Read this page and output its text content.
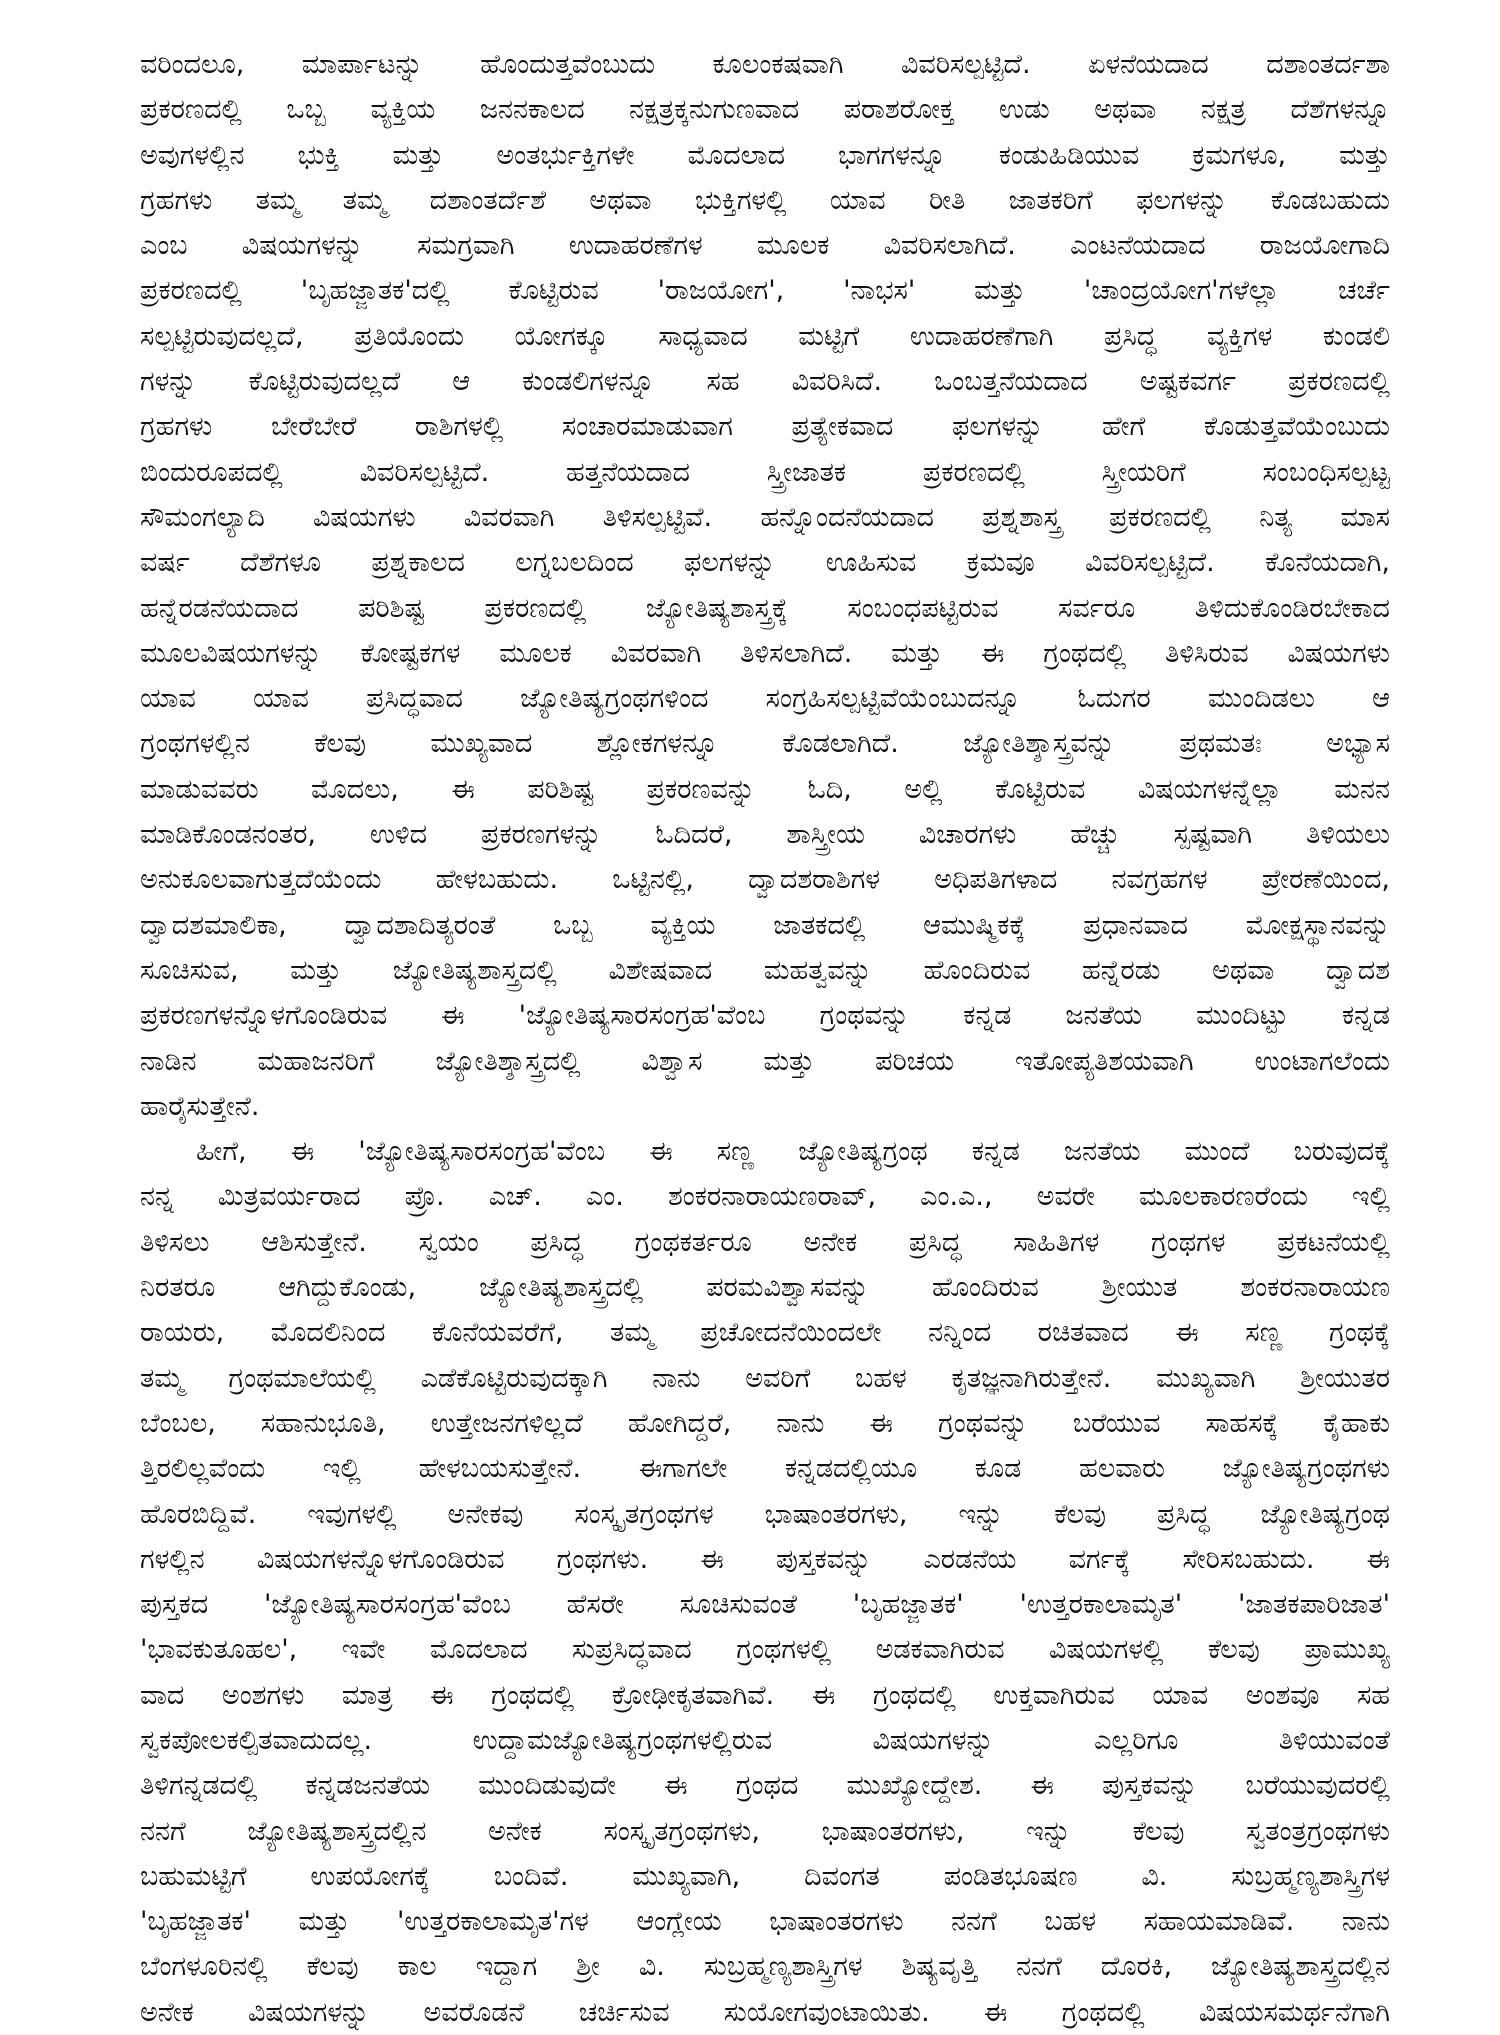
ವರಿಂದಲೂ, ಮಾರ್ಪಾಟನ್ನು ಹೊಂದುತ್ತವೆಂಬುದು ಕೂಲಂಕಷವಾಗಿ ವಿವರಿಸಲ್ಪಟ್ಟಿದೆ. ಏಳನೆಯದಾದ ದಶಾಂತರ್ದಶಾ
ಪ್ರಕರಣದಲ್ಲಿ ಒಬ್ಬ ವ್ಯಕ್ತಿಯ ಜನನಕಾಲದ ನಕ್ಷತ್ರಕ್ಕನುಗುಣವಾದ ಪರಾಶರೋಕ್ತ ಉಡು ಅಥವಾ ನಕ್ಷತ್ರ ದೆಶೆಗಳನ್ನೂ
ಅವುಗಳಲ್ಲಿನ ಭುಕ್ತಿ ಮತ್ತು ಅಂತರ್ಭುಕ್ತಿಗಳೇ ಮೊದಲಾದ ಭಾಗಗಳನ್ನೂ ಕಂಡುಹಿಡಿಯುವ ಕ್ರಮಗಳೂ, ಮತ್ತು
ಗ್ರಹಗಳು ತಮ್ಮ ತಮ್ಮ ದಶಾಂತರ್ದೆಶೆ ಅಥವಾ ಭುಕ್ತಿಗಳಲ್ಲಿ ಯಾವ ರೀತಿ ಜಾತಕರಿಗೆ ಫಲಗಳನ್ನು ಕೊಡಬಹುದು
ಎಂಬ ವಿಷಯಗಳನ್ನು ಸಮಗ್ರವಾಗಿ ಉದಾಹರಣೆಗಳ ಮೂಲಕ ವಿವರಿಸಲಾಗಿದೆ. ಎಂಟನೆಯದಾದ ರಾಜಯೋಗಾದಿ
ಪ್ರಕರಣದಲ್ಲಿ 'ಬೃಹಜ್ಜಾತಕ'ದಲ್ಲಿ ಕೊಟ್ಟಿರುವ 'ರಾಜಯೋಗ', 'ನಾಭಸ' ಮತ್ತು 'ಚಾಂದ್ರಯೋಗ'ಗಳೆಲ್ಲಾ ಚರ್ಚೆ
ಸಲ್ಪಟ್ಟಿರುವುದಲ್ಲದೆ, ಪ್ರತಿಯೊಂದು ಯೋಗಕ್ಕೂ ಸಾಧ್ಯವಾದ ಮಟ್ಟಿಗೆ ಉದಾಹರಣೆಗಾಗಿ ಪ್ರಸಿದ್ಧ ವ್ಯಕ್ತಿಗಳ ಕುಂಡಲಿ
ಗಳನ್ನು ಕೊಟ್ಟಿರುವುದಲ್ಲದೆ ಆ ಕುಂಡಲಿಗಳನ್ನೂ ಸಹ ವಿವರಿಸಿದೆ. ಒಂಬತ್ತನೆಯದಾದ ಅಷ್ಟಕವರ್ಗ ಪ್ರಕರಣದಲ್ಲಿ
ಗ್ರಹಗಳು ಬೇರೆಬೇರೆ ರಾಶಿಗಳಲ್ಲಿ ಸಂಚಾರಮಾಡುವಾಗ ಪ್ರತ್ಯೇಕವಾದ ಫಲಗಳನ್ನು ಹೇಗೆ ಕೊಡುತ್ತವೆಯೆಂಬುದು
ಬಿಂದುರೂಪದಲ್ಲಿ ವಿವರಿಸಲ್ಪಟ್ಟಿದೆ. ಹತ್ತನೆಯದಾದ ಸ್ತ್ರೀಜಾತಕ ಪ್ರಕರಣದಲ್ಲಿ ಸ್ತ್ರೀಯರಿಗೆ ಸಂಬಂಧಿಸಲ್ಪಟ್ಟ
ಸೌಮಂಗಲ್ಯಾದಿ ವಿಷಯಗಳು ವಿವರವಾಗಿ ತಿಳಿಸಲ್ಪಟ್ಟಿವೆ. ಹನ್ನೊಂದನೆಯದಾದ ಪ್ರಶ್ನಶಾಸ್ತ್ರ ಪ್ರಕರಣದಲ್ಲಿ ನಿತ್ಯ ಮಾಸ
ವರ್ಷ ದೆಶೆಗಳೂ ಪ್ರಶ್ನಕಾಲದ ಲಗ್ನಬಲದಿಂದ ಫಲಗಳನ್ನು ಊಹಿಸುವ ಕ್ರಮವೂ ವಿವರಿಸಲ್ಪಟ್ಟಿದೆ. ಕೊನೆಯದಾಗಿ,
ಹನ್ನೆರಡನೆಯದಾದ ಪರಿಶಿಷ್ಟ ಪ್ರಕರಣದಲ್ಲಿ ಜ್ಯೋತಿಷ್ಯಶಾಸ್ತ್ರಕ್ಕೆ ಸಂಬಂಧಪಟ್ಟಿರುವ ಸರ್ವರೂ ತಿಳಿದುಕೊಂಡಿರಬೇಕಾದ
ಮೂಲವಿಷಯಗಳನ್ನು ಕೋಷ್ಟಕಗಳ ಮೂಲಕ ವಿವರವಾಗಿ ತಿಳಿಸಲಾಗಿದೆ. ಮತ್ತು ಈ ಗ್ರಂಥದಲ್ಲಿ ತಿಳಿಸಿರುವ ವಿಷಯಗಳು
ಯಾವ ಯಾವ ಪ್ರಸಿದ್ಧವಾದ ಜ್ಯೋತಿಷ್ಯಗ್ರಂಥಗಳಿಂದ ಸಂಗ್ರಹಿಸಲ್ಪಟ್ಟಿವೆಯೆಂಬುದನ್ನೂ ಓದುಗರ ಮುಂದಿಡಲು ಆ
ಗ್ರಂಥಗಳಲ್ಲಿನ ಕೆಲವು ಮುಖ್ಯವಾದ ಶ್ಲೋಕಗಳನ್ನೂ ಕೊಡಲಾಗಿದೆ. ಜ್ಯೋತಿಶ್ಶಾಸ್ತ್ರವನ್ನು ಪ್ರಥಮತಃ ಅಭ್ಯಾಸ
ಮಾಡುವವರು ಮೊದಲು, ಈ ಪರಿಶಿಷ್ಟ ಪ್ರಕರಣವನ್ನು ಓದಿ, ಅಲ್ಲಿ ಕೊಟ್ಟಿರುವ ವಿಷಯಗಳನ್ನೆಲ್ಲಾ ಮನನ
ಮಾಡಿಕೊಂಡನಂತರ, ಉಳಿದ ಪ್ರಕರಣಗಳನ್ನು ಓದಿದರೆ, ಶಾಸ್ತ್ರೀಯ ವಿಚಾರಗಳು ಹೆಚ್ಚು ಸ್ಪಷ್ಟವಾಗಿ ತಿಳಿಯಲು
ಅನುಕೂಲವಾಗುತ್ತದೆಯೆಂದು ಹೇಳಬಹುದು. ಒಟ್ಟಿನಲ್ಲಿ, ದ್ವಾದಶರಾಶಿಗಳ ಅಧಿಪತಿಗಳಾದ ನವಗ್ರಹಗಳ ಪ್ರೇರಣೆಯಿಂದ,
ದ್ವಾದಶಮಾಲಿಕಾ, ದ್ವಾದಶಾದಿತ್ಯರಂತೆ ಒಬ್ಬ ವ್ಯಕ್ತಿಯ ಜಾತಕದಲ್ಲಿ ಆಮುಷ್ಮಿಕಕ್ಕೆ ಪ್ರಧಾನವಾದ ಮೋಕ್ಷಸ್ಥಾನವನ್ನು
ಸೂಚಿಸುವ, ಮತ್ತು ಜ್ಯೋತಿಷ್ಯಶಾಸ್ತ್ರದಲ್ಲಿ ವಿಶೇಷವಾದ ಮಹತ್ವವನ್ನು ಹೊಂದಿರುವ ಹನ್ನೆರಡು ಅಥವಾ ದ್ವಾದಶ
ಪ್ರಕರಣಗಳನ್ನೊಳಗೊಂಡಿರುವ ಈ 'ಜ್ಯೋತಿಷ್ಯಸಾರಸಂಗ್ರಹ'ವೆಂಬ ಗ್ರಂಥವನ್ನು ಕನ್ನಡ ಜನತೆಯ ಮುಂದಿಟ್ಟು ಕನ್ನಡ
ನಾಡಿನ ಮಹಾಜನರಿಗೆ ಜ್ಯೋತಿಶ್ಶಾಸ್ತ್ರದಲ್ಲಿ ವಿಶ್ವಾಸ ಮತ್ತು ಪರಿಚಯ ಇತೋಪ್ಯತಿಶಯವಾಗಿ ಉಂಟಾಗಲೆಂದು
ಹಾರೈಸುತ್ತೇನೆ.
ಹೀಗೆ, ಈ 'ಜ್ಯೋತಿಷ್ಯಸಾರಸಂಗ್ರಹ'ವೆಂಬ ಈ ಸಣ್ಣ ಜ್ಯೋತಿಷ್ಯಗ್ರಂಥ ಕನ್ನಡ ಜನತೆಯ ಮುಂದೆ ಬರುವುದಕ್ಕೆ
ನನ್ನ ಮಿತ್ರವರ್ಯರಾದ ಪ್ರೊ. ಎಚ್. ಎಂ. ಶಂಕರನಾರಾಯಣರಾವ್, ಎಂ.ಎ., ಅವರೇ ಮೂಲಕಾರಣರೆಂದು ಇಲ್ಲಿ
ತಿಳಿಸಲು ಆಶಿಸುತ್ತೇನೆ. ಸ್ವಯಂ ಪ್ರಸಿದ್ಧ ಗ್ರಂಥಕರ್ತರೂ ಅನೇಕ ಪ್ರಸಿದ್ಧ ಸಾಹಿತಿಗಳ ಗ್ರಂಥಗಳ ಪ್ರಕಟನೆಯಲ್ಲಿ
ನಿರತರೂ ಆಗಿದ್ದುಕೊಂಡು, ಜ್ಯೋತಿಷ್ಯಶಾಸ್ತ್ರದಲ್ಲಿ ಪರಮವಿಶ್ವಾಸವನ್ನು ಹೊಂದಿರುವ ಶ್ರೀಯುತ ಶಂಕರನಾರಾಯಣ
ರಾಯರು, ಮೊದಲಿನಿಂದ ಕೊನೆಯವರೆಗೆ, ತಮ್ಮ ಪ್ರಚೋದನೆಯಿಂದಲೇ ನನ್ನಿಂದ ರಚಿತವಾದ ಈ ಸಣ್ಣ ಗ್ರಂಥಕ್ಕೆ
ತಮ್ಮ ಗ್ರಂಥಮಾಲೆಯಲ್ಲಿ ಎಡೆಕೊಟ್ಟಿರುವುದಕ್ಕಾಗಿ ನಾನು ಅವರಿಗೆ ಬಹಳ ಕೃತಜ್ಞನಾಗಿರುತ್ತೇನೆ. ಮುಖ್ಯವಾಗಿ ಶ್ರೀಯುತರ
ಬೆಂಬಲ, ಸಹಾನುಭೂತಿ, ಉತ್ತೇಜನಗಳಿಲ್ಲದೆ ಹೋಗಿದ್ದರೆ, ನಾನು ಈ ಗ್ರಂಥವನ್ನು ಬರೆಯುವ ಸಾಹಸಕ್ಕೆ ಕೈಹಾಕು
ತ್ತಿರಲಿಲ್ಲವೆಂದು ಇಲ್ಲಿ ಹೇಳಬಯಸುತ್ತೇನೆ. ಈಗಾಗಲೇ ಕನ್ನಡದಲ್ಲಿಯೂ ಕೂಡ ಹಲವಾರು ಜ್ಯೋತಿಷ್ಯಗ್ರಂಥಗಳು
ಹೊರಬಿದ್ದಿವೆ. ಇವುಗಳಲ್ಲಿ ಅನೇಕವು ಸಂಸ್ಕೃತಗ್ರಂಥಗಳ ಭಾಷಾಂತರಗಳು, ಇನ್ನು ಕೆಲವು ಪ್ರಸಿದ್ಧ ಜ್ಯೋತಿಷ್ಯಗ್ರಂಥ
ಗಳಲ್ಲಿನ ವಿಷಯಗಳನ್ನೊಳಗೊಂಡಿರುವ ಗ್ರಂಥಗಳು. ಈ ಪುಸ್ತಕವನ್ನು ಎರಡನೆಯ ವರ್ಗಕ್ಕೆ ಸೇರಿಸಬಹುದು. ಈ
ಪುಸ್ತಕದ 'ಜ್ಯೋತಿಷ್ಯಸಾರಸಂಗ್ರಹ'ವೆಂಬ ಹೆಸರೇ ಸೂಚಿಸುವಂತೆ 'ಬೃಹಜ್ಜಾತಕ' 'ಉತ್ತರಕಾಲಾಮೃತ' 'ಜಾತಕಪಾರಿಜಾತ'
'ಭಾವಕುತೂಹಲ', ಇವೇ ಮೊದಲಾದ ಸುಪ್ರಸಿದ್ಧವಾದ ಗ್ರಂಥಗಳಲ್ಲಿ ಅಡಕವಾಗಿರುವ ವಿಷಯಗಳಲ್ಲಿ ಕೆಲವು ಪ್ರಾಮುಖ್ಯ
ವಾದ ಅಂಶಗಳು ಮಾತ್ರ ಈ ಗ್ರಂಥದಲ್ಲಿ ಕ್ರೋಢೀಕೃತವಾಗಿವೆ. ಈ ಗ್ರಂಥದಲ್ಲಿ ಉಕ್ತವಾಗಿರುವ ಯಾವ ಅಂಶವೂ ಸಹ
ಸ್ವಕಪೋಲಕಲ್ಪಿತವಾದುದಲ್ಲ. ಉದ್ದಾಮಜ್ಯೋತಿಷ್ಯಗ್ರಂಥಗಳಲ್ಲಿರುವ ವಿಷಯಗಳನ್ನು ಎಲ್ಲರಿಗೂ ತಿಳಿಯುವಂತೆ
ತಿಳಿಗನ್ನಡದಲ್ಲಿ ಕನ್ನಡಜನತೆಯ ಮುಂದಿಡುವುದೇ ಈ ಗ್ರಂಥದ ಮುಖ್ಯೋದ್ದೇಶ. ಈ ಪುಸ್ತಕವನ್ನು ಬರೆಯುವುದರಲ್ಲಿ
ನನಗೆ ಜ್ಯೋತಿಷ್ಯಶಾಸ್ತ್ರದಲ್ಲಿನ ಅನೇಕ ಸಂಸ್ಕೃತಗ್ರಂಥಗಳು, ಭಾಷಾಂತರಗಳು, ಇನ್ನು ಕೆಲವು ಸ್ವತಂತ್ರಗ್ರಂಥಗಳು
ಬಹುಮಟ್ಟಿಗೆ ಉಪಯೋಗಕ್ಕೆ ಬಂದಿವೆ. ಮುಖ್ಯವಾಗಿ, ದಿವಂಗತ ಪಂಡಿತಭೂಷಣ ವಿ. ಸುಬ್ರಹ್ಮಣ್ಯಶಾಸ್ತ್ರಿಗಳ
'ಬೃಹಜ್ಜಾತಕ' ಮತ್ತು 'ಉತ್ತರಕಾಲಾಮೃತ'ಗಳ ಆಂಗ್ಲೇಯ ಭಾಷಾಂತರಗಳು ನನಗೆ ಬಹಳ ಸಹಾಯಮಾಡಿವೆ. ನಾನು
ಬೆಂಗಳೂರಿನಲ್ಲಿ ಕೆಲವು ಕಾಲ ಇದ್ದಾಗ ಶ್ರೀ ವಿ. ಸುಬ್ರಹ್ಮಣ್ಯಶಾಸ್ತ್ರಿಗಳ ಶಿಷ್ಯವೃತ್ತಿ ನನಗೆ ದೊರಕಿ, ಜ್ಯೋತಿಷ್ಯಶಾಸ್ತ್ರದಲ್ಲಿನ
ಅನೇಕ ವಿಷಯಗಳನ್ನು ಅವರೊಡನೆ ಚರ್ಚಿಸುವ ಸುಯೋಗವುಂಟಾಯಿತು. ಈ ಗ್ರಂಥದಲ್ಲಿ ವಿಷಯಸಮರ್ಥನೆಗಾಗಿ
